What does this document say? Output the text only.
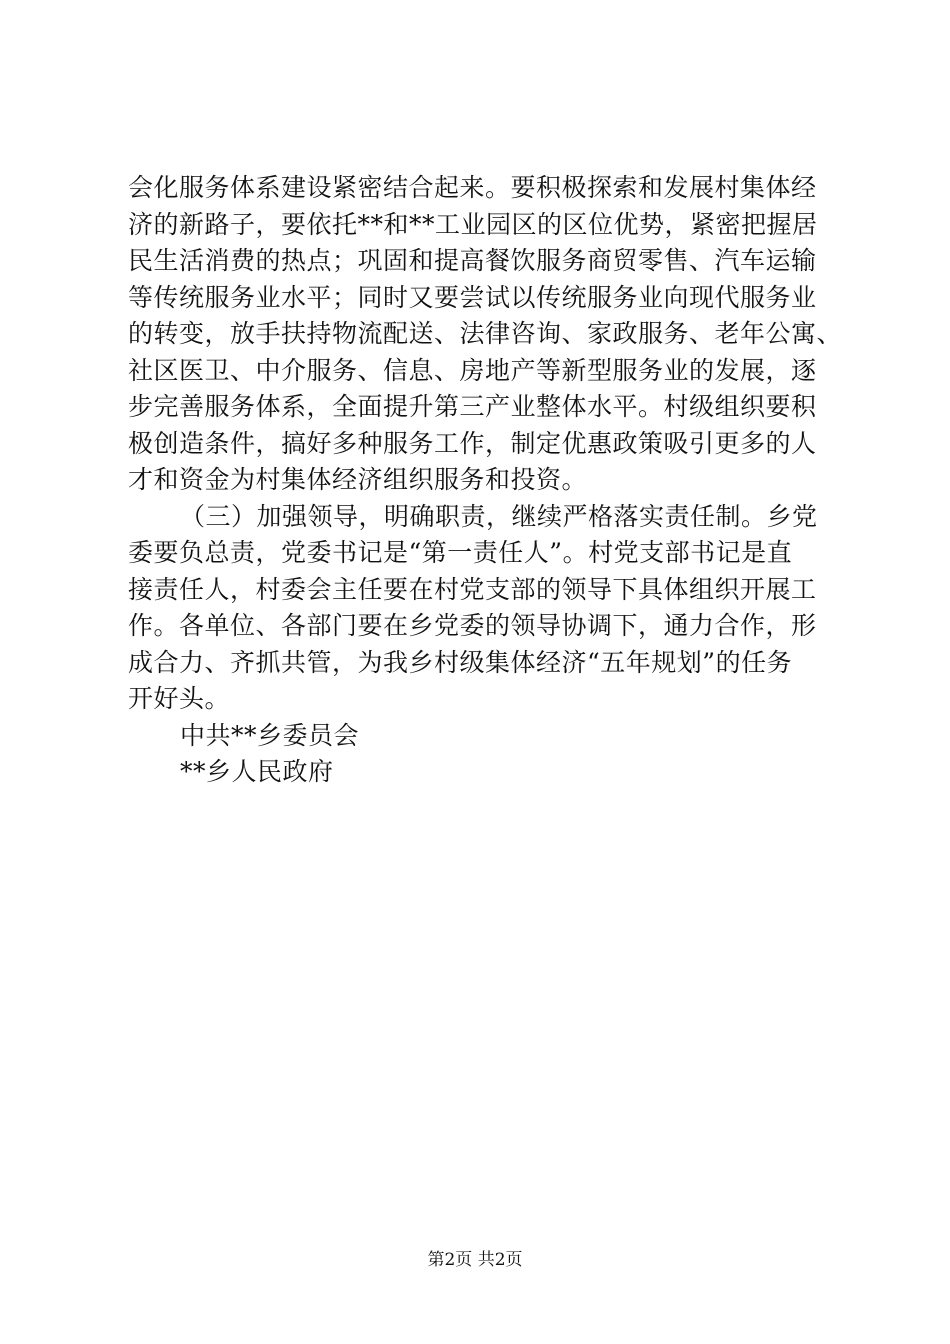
会化服务体系建设紧密结合起来。要积极探索和发展村集体经
济的新路子，要依托**和**工业园区的区位优势，紧密把握居
民生活消费的热点；巩固和提高餐饮服务商贸零售、汽车运输
等传统服务业水平；同时又要尝试以传统服务业向现代服务业
的转变，放手扶持物流配送、法律咨询、家政服务、老年公寓、
社区医卫、中介服务、信息、房地产等新型服务业的发展，逐
步完善服务体系，全面提升第三产业整体水平。村级组织要积
极创造条件，搞好多种服务工作，制定优惠政策吸引更多的人
才和资金为村集体经济组织服务和投资。
（三）加强领导，明确职责，继续严格落实责任制。乡党
委要负总责，党委书记是“第一责任人”。村党支部书记是直
接责任人，村委会主任要在村党支部的领导下具体组织开展工
作。各单位、各部门要在乡党委的领导协调下，通力合作，形
成合力、齐抓共管，为我乡村级集体经济“五年规划”的任务
开好头。
中共**乡委员会
**乡人民政府
第2页 共2页
